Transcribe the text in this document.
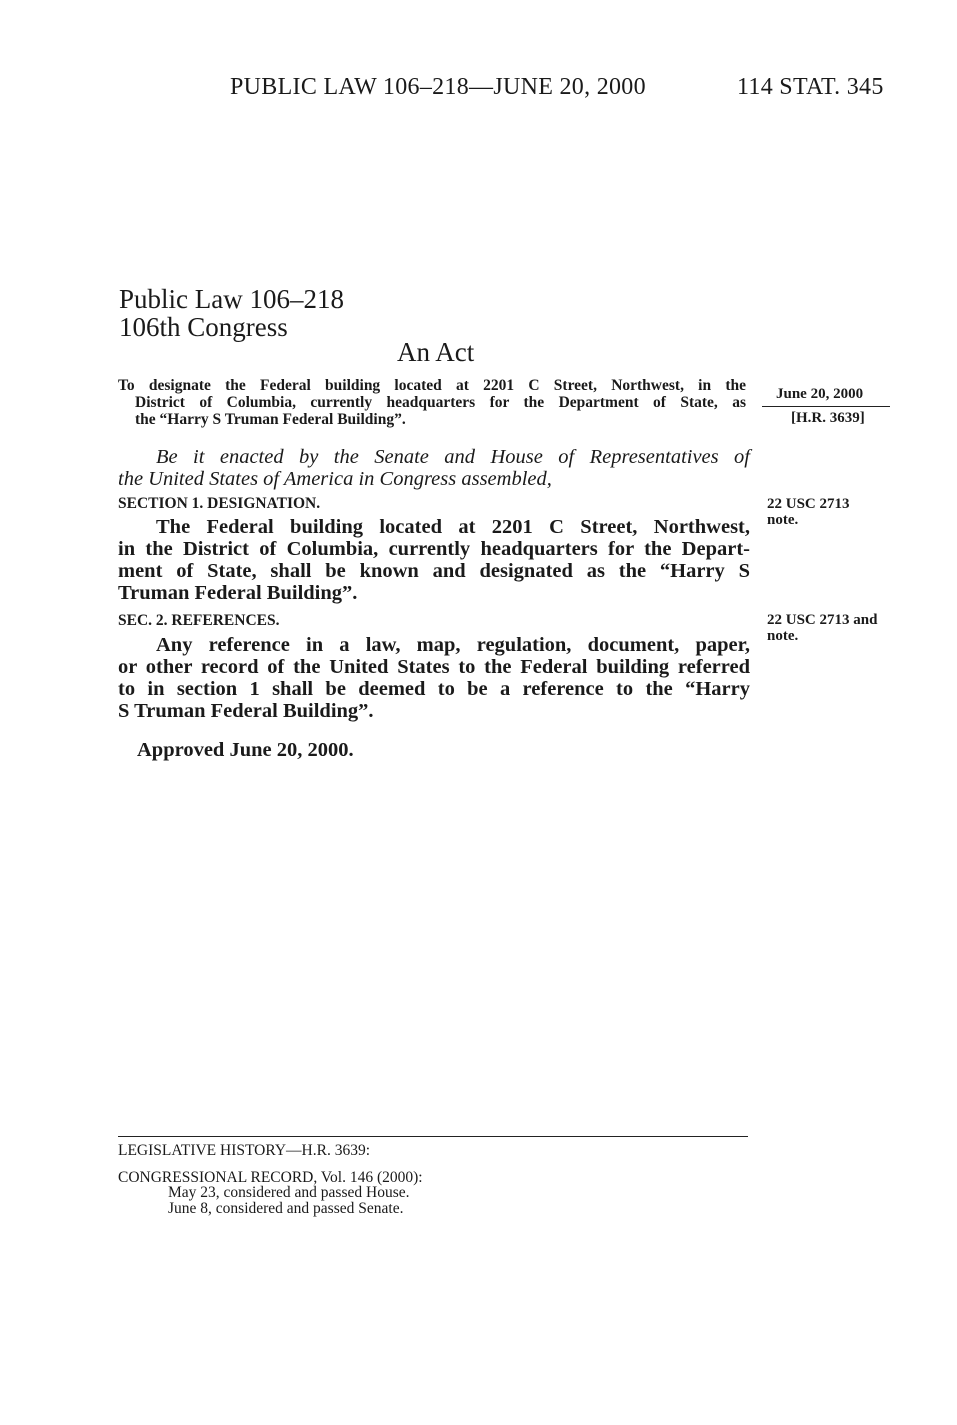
PUBLIC LAW 106–218—JUNE 20, 2000	114 STAT. 345
Public Law 106–218
106th Congress
An Act
To designate the Federal building located at 2201 C Street, Northwest, in the
District of Columbia, currently headquarters for the Department of State, as
the “Harry S Truman Federal Building”.
June 20, 2000
[H.R. 3639]
Be it enacted by the Senate and House of Representatives of
the United States of America in Congress assembled,
SECTION 1. DESIGNATION.	22 USC 2713
note.
The Federal building located at 2201 C Street, Northwest,
in the District of Columbia, currently headquarters for the Depart-
ment of State, shall be known and designated as the “Harry S
Truman Federal Building”.
SEC. 2. REFERENCES.	22 USC 2713 and
note.
Any reference in a law, map, regulation, document, paper,
or other record of the United States to the Federal building referred
to in section 1 shall be deemed to be a reference to the “Harry
S Truman Federal Building”.
Approved June 20, 2000.
LEGISLATIVE HISTORY—H.R. 3639:
CONGRESSIONAL RECORD, Vol. 146 (2000):
May 23, considered and passed House.
June 8, considered and passed Senate.
